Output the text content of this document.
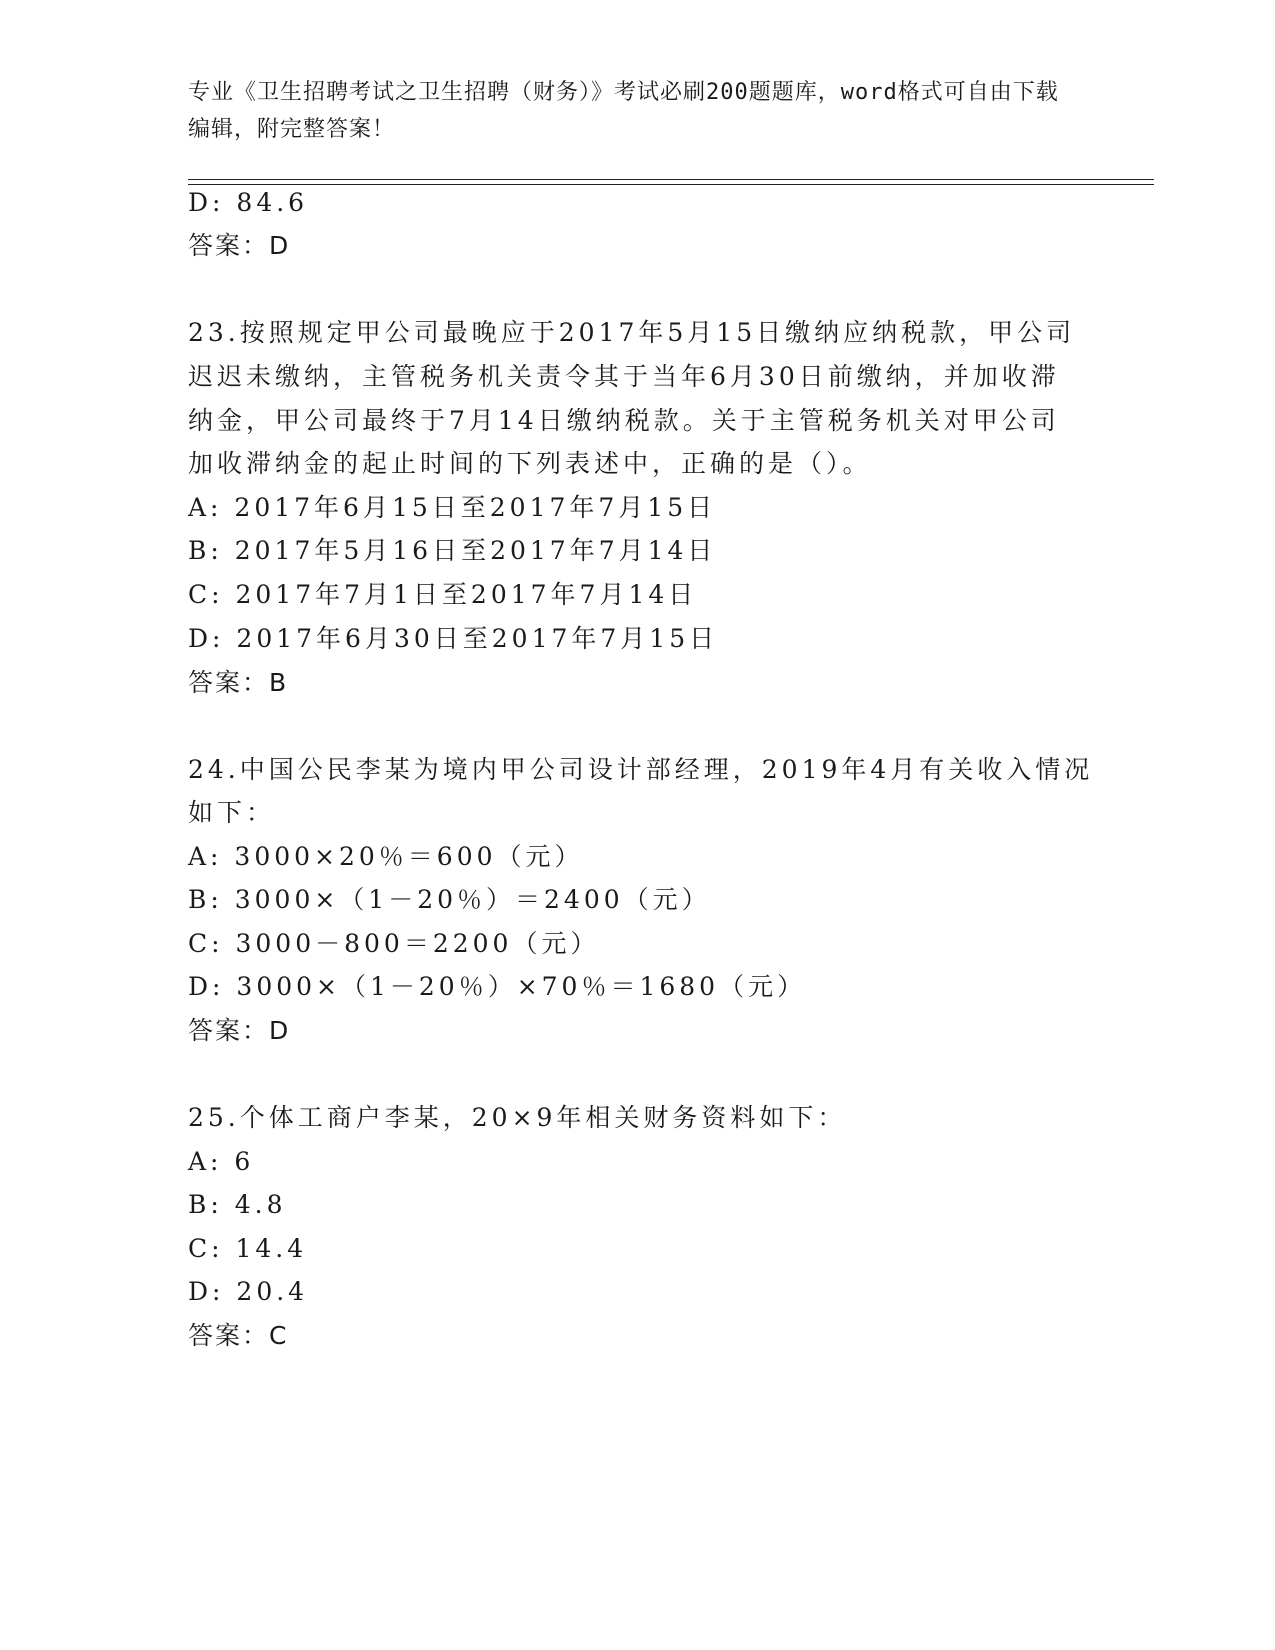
专业《卫生招聘考试之卫生招聘（财务）》考试必刷200题题库，word格式可自由下载编辑，附完整答案！
D: 84.6
答案：D
23.按照规定甲公司最晚应于2017年5月15日缴纳应纳税款，甲公司
迟迟未缴纳，主管税务机关责令其于当年6月30日前缴纳，并加收滞
纳金，甲公司最终于7月14日缴纳税款。关于主管税务机关对甲公司
加收滞纳金的起止时间的下列表述中，正确的是（）。
A: 2017年6月15日至2017年7月15日
B: 2017年5月16日至2017年7月14日
C: 2017年7月1日至2017年7月14日
D: 2017年6月30日至2017年7月15日
答案：B
24.中国公民李某为境内甲公司设计部经理，2019年4月有关收入情况
如下：
A: 3000×20％＝600（元）
B: 3000×（1－20％）＝2400（元）
C: 3000－800＝2200（元）
D: 3000×（1－20％）×70％＝1680（元）
答案：D
25.个体工商户李某，20×9年相关财务资料如下：
A: 6
B: 4.8
C: 14.4
D: 20.4
答案：C
